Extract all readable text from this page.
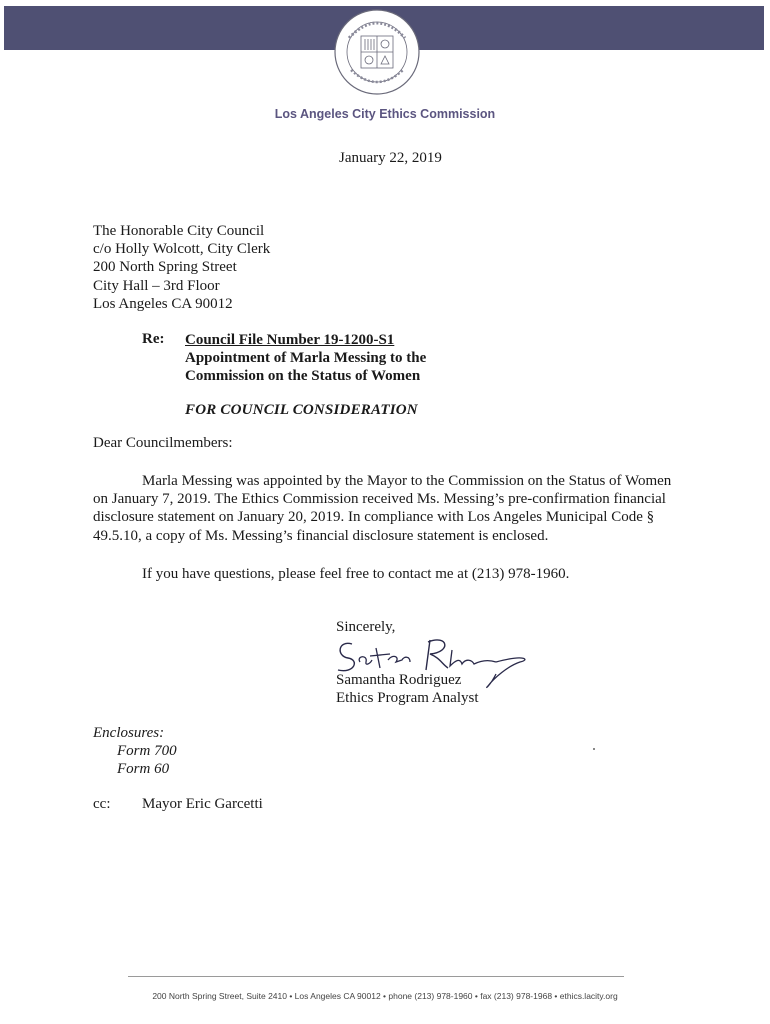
Los Angeles City Ethics Commission
January 22, 2019
The Honorable City Council
c/o Holly Wolcott, City Clerk
200 North Spring Street
City Hall – 3rd Floor
Los Angeles CA 90012
Re: Council File Number 19-1200-S1
Appointment of Marla Messing to the
Commission on the Status of Women
FOR COUNCIL CONSIDERATION
Dear Councilmembers:
Marla Messing was appointed by the Mayor to the Commission on the Status of Women
on January 7, 2019. The Ethics Commission received Ms. Messing’s pre-confirmation financial
disclosure statement on January 20, 2019. In compliance with Los Angeles Municipal Code §
49.5.10, a copy of Ms. Messing’s financial disclosure statement is enclosed.
If you have questions, please feel free to contact me at (213) 978-1960.
Sincerely,
Samantha Rodriguez
Ethics Program Analyst
Enclosures:
Form 700
Form 60
cc: Mayor Eric Garcetti
200 North Spring Street, Suite 2410 • Los Angeles CA 90012 • phone (213) 978-1960 • fax (213) 978-1968 • ethics.lacity.org
